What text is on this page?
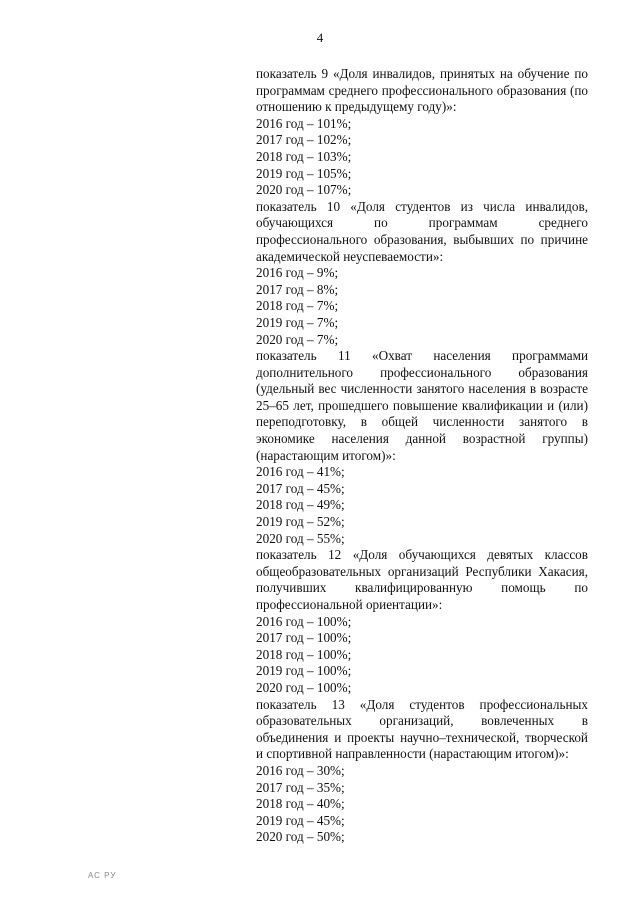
4
показатель 9 «Доля инвалидов, принятых на обучение по программам среднего профессионального образования (по отношению к предыдущему году)»:
2016 год – 101%;
2017 год – 102%;
2018 год – 103%;
2019 год – 105%;
2020 год – 107%;
показатель 10 «Доля студентов из числа инвалидов, обучающихся по программам среднего профессионального образования, выбывших по причине академической неуспеваемости»:
2016 год – 9%;
2017 год – 8%;
2018 год – 7%;
2019 год – 7%;
2020 год – 7%;
показатель 11 «Охват населения программами дополнительного профессионального образования (удельный вес численности занятого населения в возрасте 25–65 лет, прошедшего повышение квалификации и (или) переподготовку, в общей численности занятого в экономике населения данной возрастной группы) (нарастающим итогом)»:
2016 год – 41%;
2017 год – 45%;
2018 год – 49%;
2019 год – 52%;
2020 год – 55%;
показатель 12 «Доля обучающихся девятых классов общеобразовательных организаций Республики Хакасия, получивших квалифицированную помощь по профессиональной ориентации»:
2016 год – 100%;
2017 год – 100%;
2018 год – 100%;
2019 год – 100%;
2020 год – 100%;
показатель 13 «Доля студентов профессиональных образовательных организаций, вовлеченных в объединения и проекты научно–технической, творческой и спортивной направленности (нарастающим итогом)»:
2016 год – 30%;
2017 год – 35%;
2018 год – 40%;
2019 год – 45%;
2020 год – 50%;
АС РУ
